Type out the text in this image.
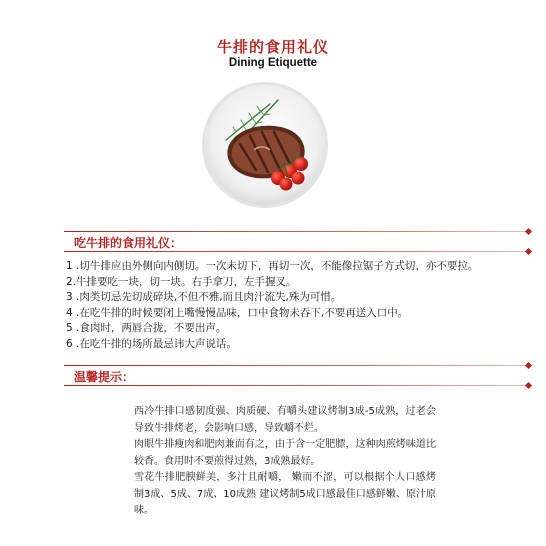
牛排的食用礼仪
Dining Etiquette
吃牛排的食用礼仪：
1 .切牛排应由外侧向内侧切。一次未切下，再切一次，不能像拉锯子方式切，亦不要拉。
2.牛排要吃一块，切一块。右手拿刀，左手握叉。
3 .肉类切忌先切成碎块,不但不雅,而且肉汁流失,殊为可惜。
4 .在吃牛排的时候要闭上嘴慢慢品味，口中食物未吞下,不要再送入口中。
5 .食肉时，两唇合拢，不要出声。
6 .在吃牛排的场所最忌讳大声说话。
温馨提示：

西冷牛排口感韧度强、肉质硬、有嚼头建议烤制3成-5成熟，过老会导致牛排烤老，会影响口感，导致嚼不烂。

肉眼牛排瘦肉和肥肉兼而有之，由于含一定肥膘，这种肉煎烤味道比较香。食用时不要煎得过熟，3成熟最好。

雪花牛排肥腴鲜美，多汁且耐嚼， 嫩而不涩，可以根据个人口感烤制3成、5成、7成、10成熟 建议烤制5成口感最佳口感鲜嫩、原汁原味。
